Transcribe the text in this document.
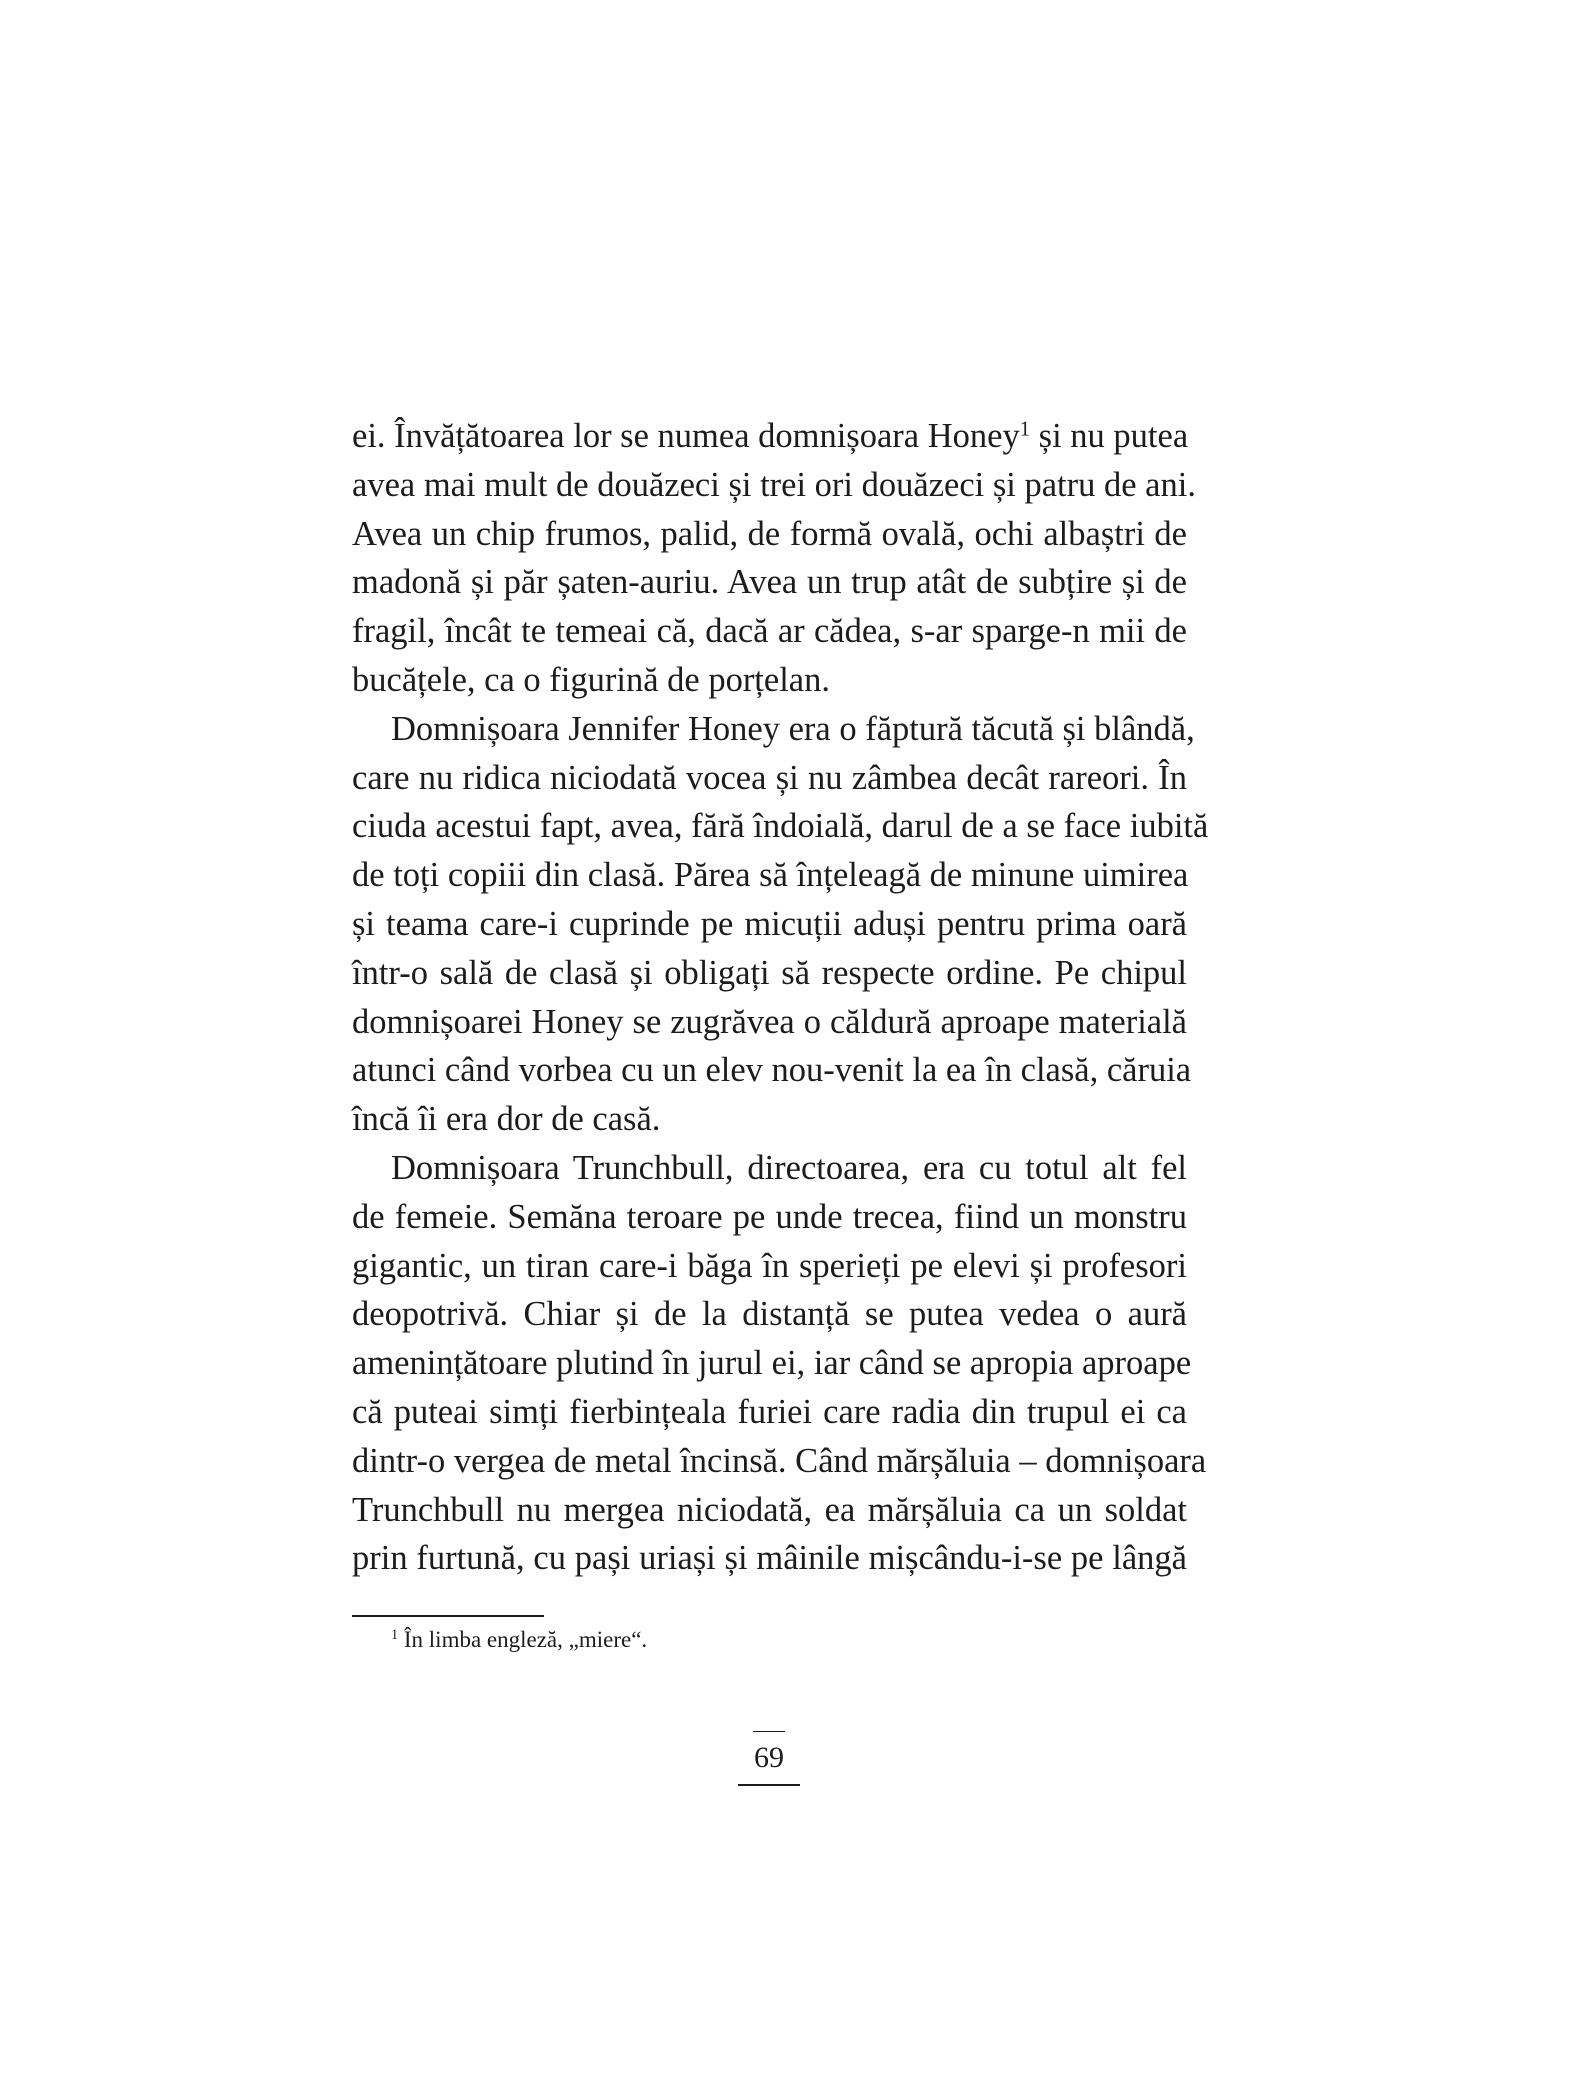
ei. Învățătoarea lor se numea domnișoara Honey$^1$ și nu putea
avea mai mult de douăzeci și trei ori douăzeci și patru de ani.
Avea un chip frumos, palid, de formă ovală, ochi albaștri de
madonă și păr șaten-auriu. Avea un trup atât de subțire și de
fragil, încât te temeai că, dacă ar cădea, s-ar sparge-n mii de
bucățele, ca o figurină de porțelan.
Domnișoara Jennifer Honey era o făptură tăcută și blândă,
care nu ridica niciodată vocea și nu zâmbea decât rareori. În
ciuda acestui fapt, avea, fără îndoială, darul de a se face iubită
de toți copiii din clasă. Părea să înțeleagă de minune uimirea
și teama care-i cuprinde pe micuții aduși pentru prima oară
într-o sală de clasă și obligați să respecte ordine. Pe chipul
domnișoarei Honey se zugrăvea o căldură aproape materială
atunci când vorbea cu un elev nou-venit la ea în clasă, căruia
încă îi era dor de casă.
Domnișoara Trunchbull, directoarea, era cu totul alt fel
de femeie. Semăna teroare pe unde trecea, fiind un monstru
gigantic, un tiran care-i băga în sperieți pe elevi și profesori
deopotrivă. Chiar și de la distanță se putea vedea o aură
amenințătoare plutind în jurul ei, iar când se apropia aproape
că puteai simți fierbințeala furiei care radia din trupul ei ca
dintr-o vergea de metal încinsă. Când mărșăluia – domnișoara
Trunchbull nu mergea niciodată, ea mărșăluia ca un soldat
prin furtună, cu pași uriași și mâinile mișcându-i-se pe lângă
$^1$ În limba engleză, „miere“.
69
